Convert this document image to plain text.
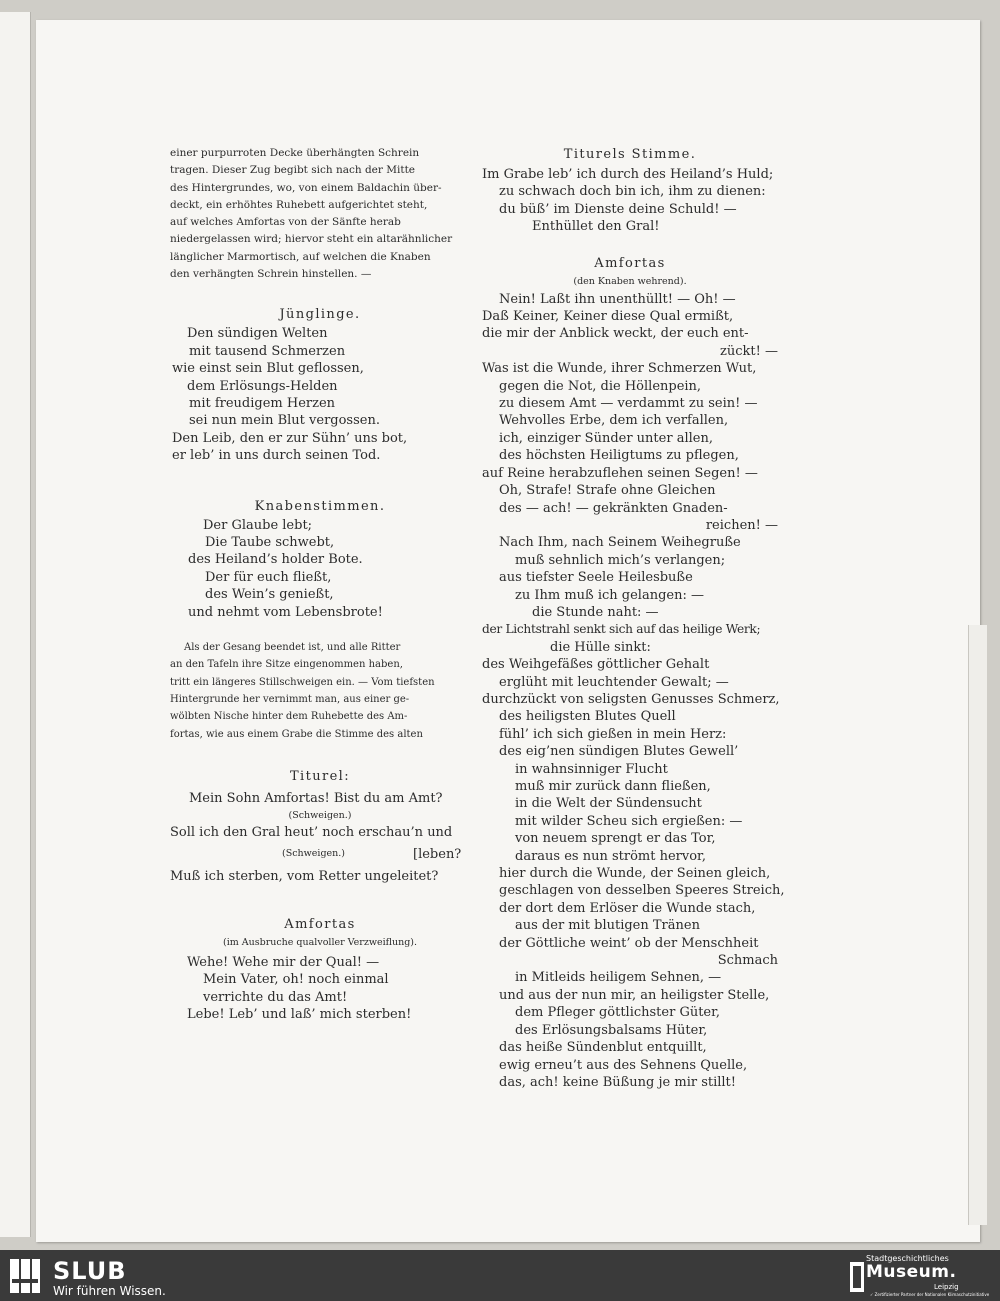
einer purpurroten Decke überhängten Schrein

tragen. Dieser Zug begibt sich nach der Mitte

des Hintergrundes, wo, von einem Baldachin über-

deckt, ein erhöhtes Ruhebett aufgerichtet steht,

auf welches Amfortas von der Sänfte herab

niedergelassen wird; hiervor steht ein altarähnlicher

länglicher Marmortisch, auf welchen die Knaben

den verhängten Schrein hinstellen. —

Jünglinge.

Den sündigen Welten

mit tausend Schmerzen

wie einst sein Blut geflossen,

dem Erlösungs-Helden

mit freudigem Herzen

sei nun mein Blut vergossen.

Den Leib, den er zur Sühn’ uns bot,

er leb’ in uns durch seinen Tod.

Knabenstimmen.

Der Glaube lebt;

Die Taube schwebt,

des Heiland’s holder Bote.

Der für euch fließt,

des Wein’s genießt,

und nehmt vom Lebensbrote!

Als der Gesang beendet ist, und alle Ritter

an den Tafeln ihre Sitze eingenommen haben,

tritt ein längeres Stillschweigen ein. — Vom tiefsten

Hintergrunde her vernimmt man, aus einer ge-

wölbten Nische hinter dem Ruhebette des Am-

fortas, wie aus einem Grabe die Stimme des alten

Titurel:

Mein Sohn Amfortas! Bist du am Amt?

(Schweigen.)

Soll ich den Gral heut’ noch erschau’n und

(Schweigen.)	[leben?

Muß ich sterben, vom Retter ungeleitet?

Amfortas

(im Ausbruche qualvoller Verzweiflung).

Wehe! Wehe mir der Qual! —

Mein Vater, oh! noch einmal

verrichte du das Amt!

Lebe! Leb’ und laß’ mich sterben!

Titurels Stimme.

Im Grabe leb’ ich durch des Heiland’s Huld;

zu schwach doch bin ich, ihm zu dienen:

du büß’ im Dienste deine Schuld! —

Enthüllet den Gral!

Amfortas

(den Knaben wehrend).

Nein! Laßt ihn unenthüllt! — Oh! —

Daß Keiner, Keiner diese Qual ermißt,

die mir der Anblick weckt, der euch ent-

zückt! —

Was ist die Wunde, ihrer Schmerzen Wut,

gegen die Not, die Höllenpein,

zu diesem Amt — verdammt zu sein! —

Wehvolles Erbe, dem ich verfallen,

ich, einziger Sünder unter allen,

des höchsten Heiligtums zu pflegen,

auf Reine herabzuflehen seinen Segen! —

Oh, Strafe! Strafe ohne Gleichen

des — ach! — gekränkten Gnaden-

reichen! —

Nach Ihm, nach Seinem Weihegruße

muß sehnlich mich’s verlangen;

aus tiefster Seele Heilesbuße

zu Ihm muß ich gelangen: —

die Stunde naht: —

der Lichtstrahl senkt sich auf das heilige Werk;

die Hülle sinkt:

des Weihgefäßes göttlicher Gehalt

erglüht mit leuchtender Gewalt; —

durchzückt von seligsten Genusses Schmerz,

des heiligsten Blutes Quell

fühl’ ich sich gießen in mein Herz:

des eig’nen sündigen Blutes Gewell’

in wahnsinniger Flucht

muß mir zurück dann fließen,

in die Welt der Sündensucht

mit wilder Scheu sich ergießen: —

von neuem sprengt er das Tor,

daraus es nun strömt hervor,

hier durch die Wunde, der Seinen gleich,

geschlagen von desselben Speeres Streich,

der dort dem Erlöser die Wunde stach,

aus der mit blutigen Tränen

der Göttliche weint’ ob der Menschheit

Schmach

in Mitleids heiligem Sehnen, —

und aus der nun mir, an heiligster Stelle,

dem Pfleger göttlichster Güter,

des Erlösungsbalsams Hüter,

das heiße Sündenblut entquillt,

ewig erneu’t aus des Sehnens Quelle,

das, ach! keine Büßung je mir stillt!

SLUB
Wir führen Wissen.
Stadtgeschichtliches
Museum.
Leipzig
✓ Zertifizierter Partner der Nationalen Klimaschutzinitiative
